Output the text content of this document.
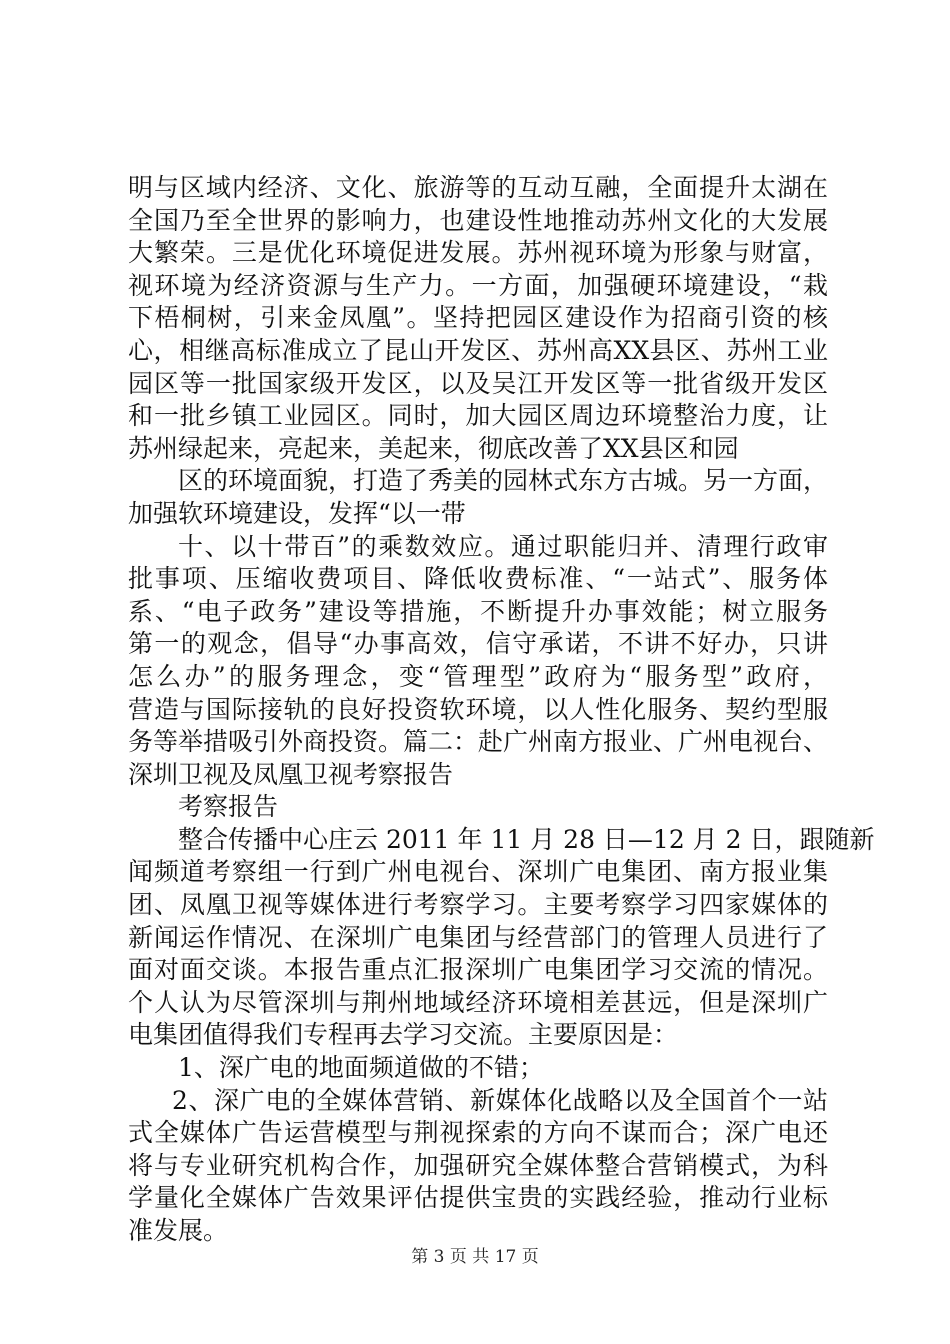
明与区域内经济、文化、旅游等的互动互融，全面提升太湖在
全国乃至全世界的影响力，也建设性地推动苏州文化的大发展
大繁荣。三是优化环境促进发展。苏州视环境为形象与财富，
视环境为经济资源与生产力。一方面，加强硬环境建设，“栽
下梧桐树，引来金凤凰”。坚持把园区建设作为招商引资的核
心，相继高标准成立了昆山开发区、苏州高XX县区、苏州工业
园区等一批国家级开发区，以及吴江开发区等一批省级开发区
和一批乡镇工业园区。同时，加大园区周边环境整治力度，让
苏州绿起来，亮起来，美起来，彻底改善了XX县区和园
区的环境面貌，打造了秀美的园林式东方古城。另一方面，
加强软环境建设，发挥“以一带
十、以十带百”的乘数效应。通过职能归并、清理行政审
批事项、压缩收费项目、降低收费标准、“一站式”、服务体
系、“电子政务”建设等措施，不断提升办事效能；树立服务
第一的观念，倡导“办事高效，信守承诺，不讲不好办，只讲
怎么办”的服务理念，变“管理型”政府为“服务型”政府，
营造与国际接轨的良好投资软环境，以人性化服务、契约型服
务等举措吸引外商投资。篇二：赴广州南方报业、广州电视台、
深圳卫视及凤凰卫视考察报告
考察报告
整合传播中心庄云 2011 年 11 月 28 日—12 月 2 日，跟随新
闻频道考察组一行到广州电视台、深圳广电集团、南方报业集
团、凤凰卫视等媒体进行考察学习。主要考察学习四家媒体的
新闻运作情况、在深圳广电集团与经营部门的管理人员进行了
面对面交谈。本报告重点汇报深圳广电集团学习交流的情况。
个人认为尽管深圳与荆州地域经济环境相差甚远，但是深圳广
电集团值得我们专程再去学习交流。主要原因是：
1、深广电的地面频道做的不错；
2、深广电的全媒体营销、新媒体化战略以及全国首个一站
式全媒体广告运营模型与荆视探索的方向不谋而合；深广电还
将与专业研究机构合作，加强研究全媒体整合营销模式，为科
学量化全媒体广告效果评估提供宝贵的实践经验，推动行业标
准发展。
第 3 页 共 17 页
